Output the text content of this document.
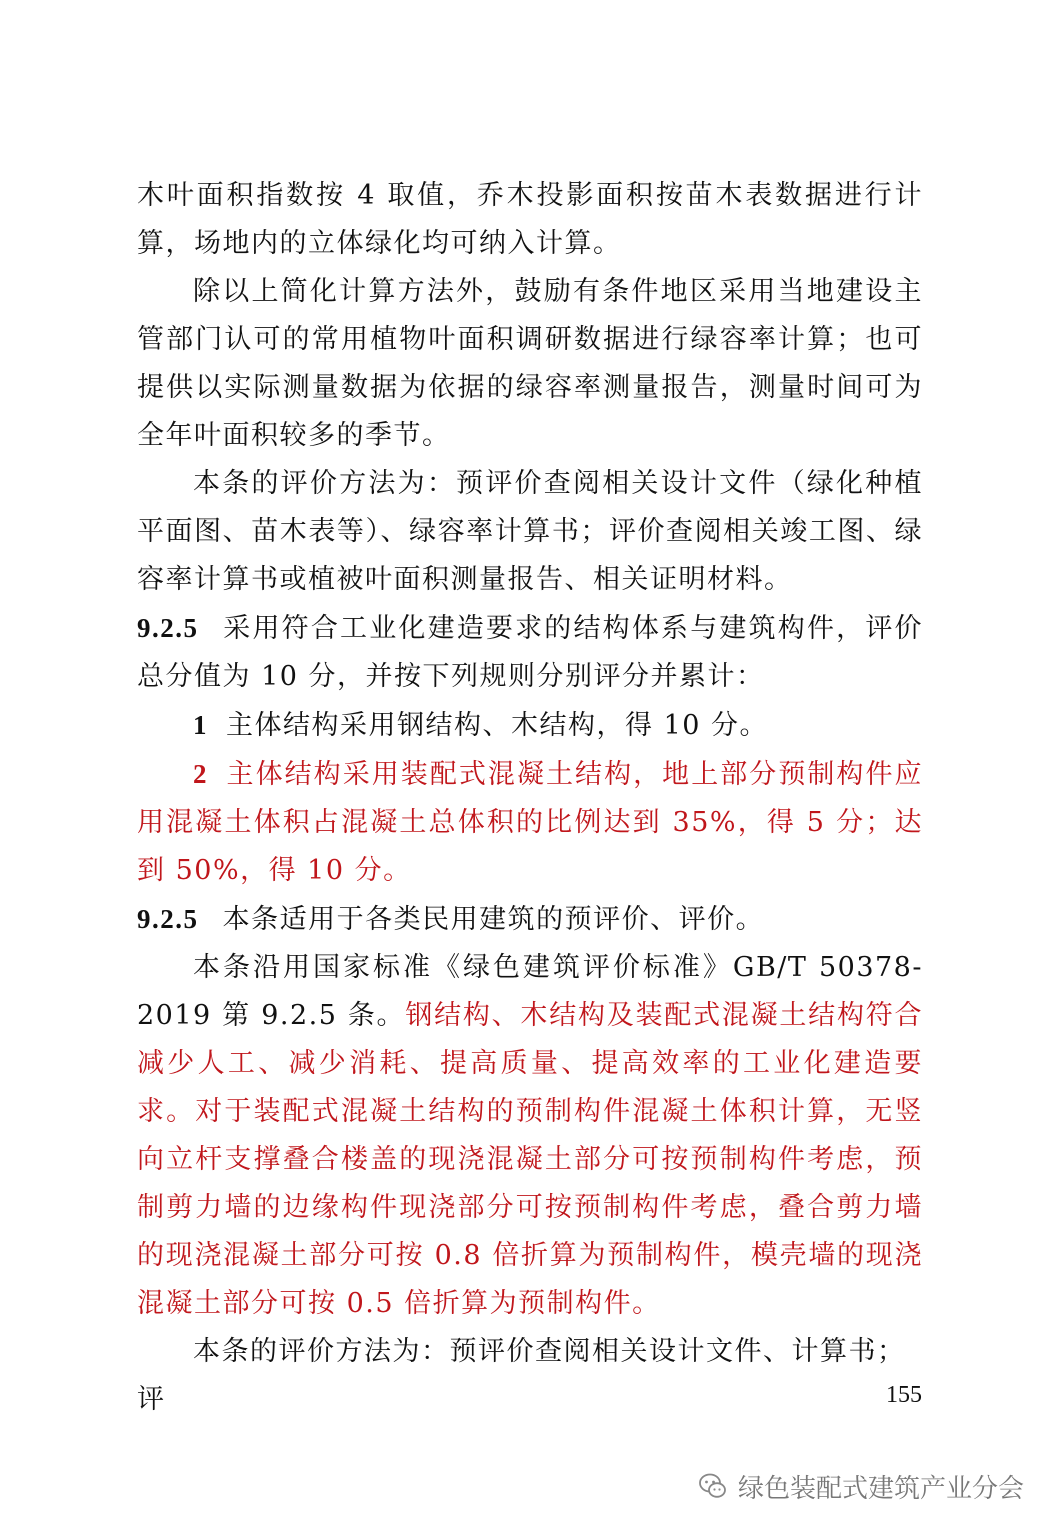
木叶面积指数按 4 取值，乔木投影面积按苗木表数据进行计算，场地内的立体绿化均可纳入计算。

除以上简化计算方法外，鼓励有条件地区采用当地建设主管部门认可的常用植物叶面积调研数据进行绿容率计算；也可提供以实际测量数据为依据的绿容率测量报告，测量时间可为全年叶面积较多的季节。

本条的评价方法为：预评价查阅相关设计文件（绿化种植平面图、苗木表等）、绿容率计算书；评价查阅相关竣工图、绿容率计算书或植被叶面积测量报告、相关证明材料。

9.2.5 采用符合工业化建造要求的结构体系与建筑构件，评价总分值为 10 分，并按下列规则分别评分并累计：

1 主体结构采用钢结构、木结构，得 10 分。

2 主体结构采用装配式混凝土结构，地上部分预制构件应用混凝土体积占混凝土总体积的比例达到 35%，得 5 分；达到 50%，得 10 分。

9.2.5 本条适用于各类民用建筑的预评价、评价。

本条沿用国家标准《绿色建筑评价标准》GB/T 50378-2019 第 9.2.5 条。钢结构、木结构及装配式混凝土结构符合减少人工、减少消耗、提高质量、提高效率的工业化建造要求。对于装配式混凝土结构的预制构件混凝土体积计算，无竖向立杆支撑叠合楼盖的现浇混凝土部分可按预制构件考虑，预制剪力墙的边缘构件现浇部分可按预制构件考虑，叠合剪力墙的现浇混凝土部分可按 0.8 倍折算为预制构件，模壳墙的现浇混凝土部分可按 0.5 倍折算为预制构件。

本条的评价方法为：预评价查阅相关设计文件、计算书；评	155
绿色装配式建筑产业分会
